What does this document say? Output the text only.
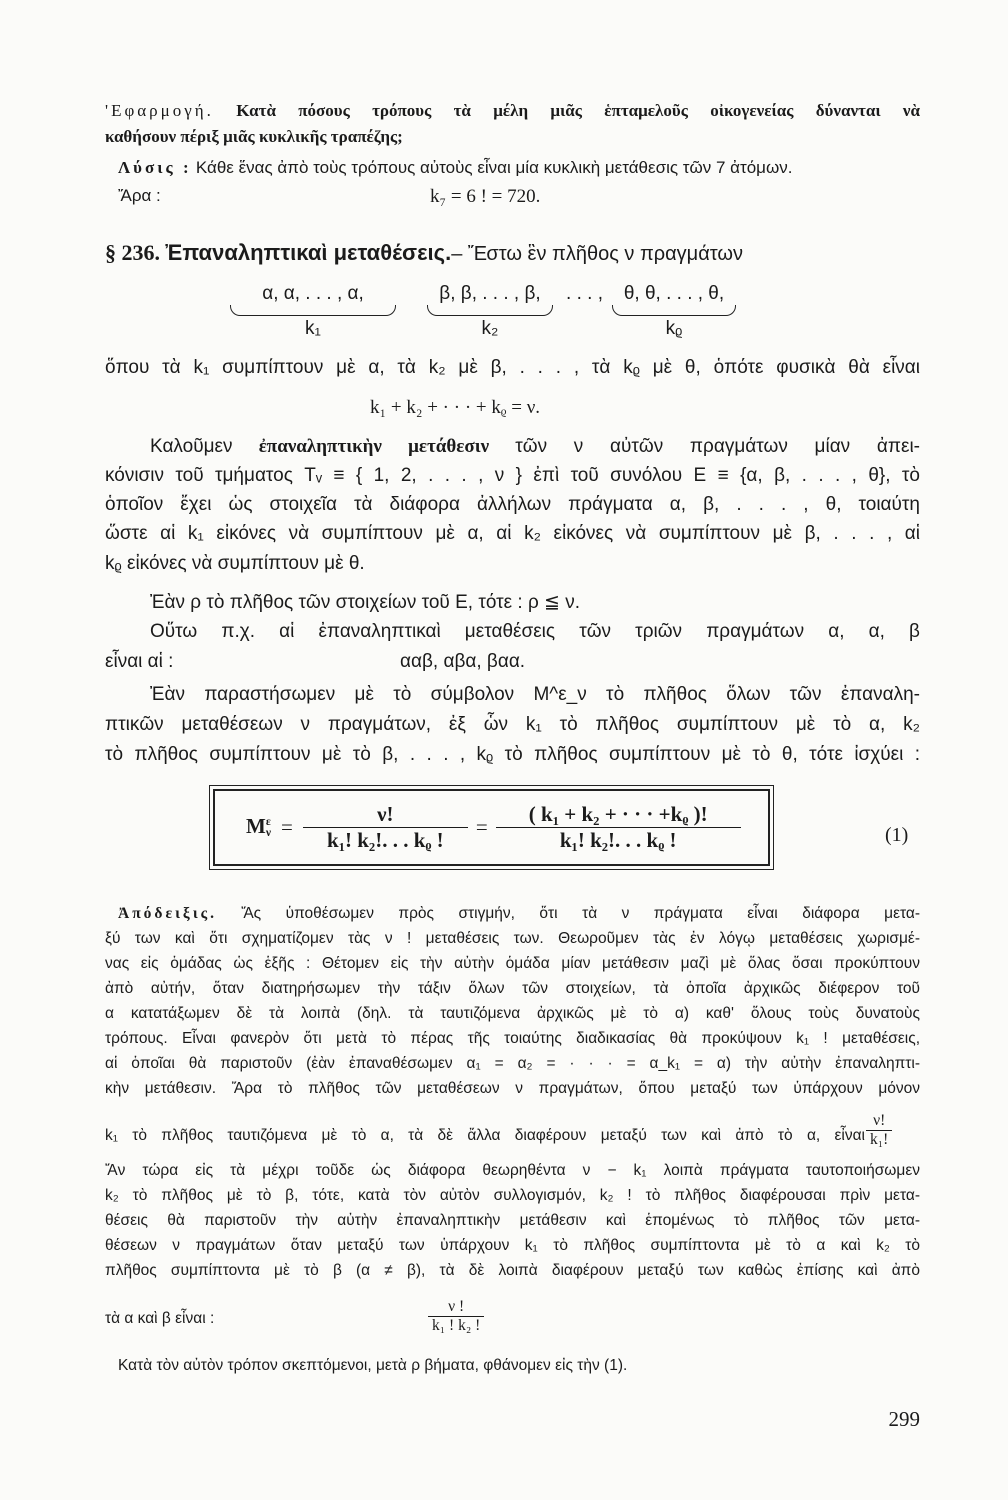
'Εφαρμογή. Κατὰ πόσους τρόπους τὰ μέλη μιᾶς ἑπταμελοῦς οἰκογενείας δύνανται νὰ
καθήσουν πέριξ μιᾶς κυκλικῆς τραπέζης;
Λύσις : Κάθε ἕνας ἀπὸ τοὺς τρόπους αὐτοὺς εἶναι μία κυκλικὴ μετάθεσις τῶν 7 ἀτόμων.
Ἄρα :	k₇ = 6 ! = 720.
§ 236. Ἐπαναληπτικαὶ μεταθέσεις.– Ἔστω ἓν πλῆθος ν πραγμάτων
α, α, . . . , α,
k₁
β, β, . . . , β,
k₂
. . . ,	θ, θ, . . . , θ,
kᵨ
ὅπου τὰ k₁ συμπίπτουν μὲ α, τὰ k₂ μὲ β, . . . , τὰ kᵨ μὲ θ, ὁπότε φυσικὰ θὰ εἶναι
k₁ + k₂ + · · · + kᵨ = ν.
Καλοῦμεν ἐπαναληπτικὴν μετάθεσιν τῶν ν αὐτῶν πραγμάτων μίαν ἀπει-
κόνισιν τοῦ τμήματος Tᵥ ≡ { 1, 2, . . . , ν } ἐπὶ τοῦ συνόλου E ≡ {α, β, . . . , θ}, τὸ
ὁποῖον ἔχει ὡς στοιχεῖα τὰ διάφορα ἀλλήλων πράγματα α, β, . . . , θ, τοιαύτη
ὥστε αἱ k₁ εἰκόνες νὰ συμπίπτουν μὲ α, αἱ k₂ εἰκόνες νὰ συμπίπτουν μὲ β, . . . , αἱ
kᵨ εἰκόνες νὰ συμπίπτουν μὲ θ.
Ἐὰν ρ τὸ πλῆθος τῶν στοιχείων τοῦ Ε, τότε : ρ ≦ ν.
Οὕτω π.χ. αἱ ἐπαναληπτικαὶ μεταθέσεις τῶν τριῶν πραγμάτων α, α, β
εἶναι αἱ :	ααβ, αβα, βαα.
Ἐὰν παραστήσωμεν μὲ τὸ σύμβολον M^ε_ν τὸ πλῆθος ὅλων τῶν ἐπαναλη-
πτικῶν μεταθέσεων ν πραγμάτων, ἐξ ὧν k₁ τὸ πλῆθος συμπίπτουν μὲ τὸ α, k₂
τὸ πλῆθος συμπίπτουν μὲ τὸ β, . . . , kᵨ τὸ πλῆθος συμπίπτουν μὲ τὸ θ, τότε ἰσχύει :
M ε
$\nu = \frac{\nu!}{\text{k₁! k₂!. . . kᵨ !}} = \frac{\text{( k₁ + k₂ + · · · +kᵨ )!}}{\text{k₁! k₂!. . . kᵨ !}}$	(1)
Ἀπόδειξις. Ἄς ὑποθέσωμεν πρὸς στιγμήν, ὅτι τὰ ν πράγματα εἶναι διάφορα μετα-
ξύ των καὶ ὅτι σχηματίζομεν τὰς ν ! μεταθέσεις των. Θεωροῦμεν τὰς ἐν λόγῳ μεταθέσεις χωρισμέ-
νας εἰς ὁμάδας ὡς ἑξῆς : Θέτομεν εἰς τὴν αὐτὴν ὁμάδα μίαν μετάθεσιν μαζὶ μὲ ὅλας ὅσαι προκύπτουν
ἀπὸ αὐτήν, ὅταν διατηρήσωμεν τὴν τάξιν ὅλων τῶν στοιχείων, τὰ ὁποῖα ἀρχικῶς διέφερον τοῦ
α κατατάξωμεν δὲ τὰ λοιπὰ (δηλ. τὰ ταυτιζόμενα ἀρχικῶς μὲ τὸ α) καθ' ὅλους τοὺς δυνατοὺς
τρόπους. Εἶναι φανερὸν ὅτι μετὰ τὸ πέρας τῆς τοιαύτης διαδικασίας θὰ προκύψουν k₁ ! μεταθέσεις,
αἱ ὁποῖαι θὰ παριστοῦν (ἐὰν ἐπαναθέσωμεν α₁ = α₂ = · · · = α_k₁ = α) τὴν αὐτὴν ἐπαναληπτι-
κὴν μετάθεσιν. Ἄρα τὸ πλῆθος τῶν μεταθέσεων ν πραγμάτων, ὅπου μεταξύ των ὑπάρχουν μόνον
k₁ τὸ πλῆθος ταυτιζόμενα μὲ τὸ α, τὰ δὲ ἄλλα διαφέρουν μεταξύ των καὶ ἀπὸ τὸ α, εἶναι $\frac{\nu!}{\text{k₁!}}$
Ἄν τώρα εἰς τὰ μέχρι τοῦδε ὡς διάφορα θεωρηθέντα ν − k₁ λοιπὰ πράγματα ταυτοποιήσωμεν
k₂ τὸ πλῆθος μὲ τὸ β, τότε, κατὰ τὸν αὐτὸν συλλογισμόν, k₂ ! τὸ πλῆθος διαφέρουσαι πρὶν μετα-
θέσεις θὰ παριστοῦν τὴν αὐτὴν ἐπαναληπτικὴν μετάθεσιν καὶ ἑπομένως τὸ πλῆθος τῶν μετα-
θέσεων ν πραγμάτων ὅταν μεταξύ των ὑπάρχουν k₁ τὸ πλῆθος συμπίπτοντα μὲ τὸ α καὶ k₂ τὸ
πλῆθος συμπίπτοντα μὲ τὸ β (α ≠ β), τὰ δὲ λοιπὰ διαφέρουν μεταξύ των καθὼς ἐπίσης καὶ ἀπὸ
τὰ α καὶ β εἶναι :	$\frac{\nu !}{\text{k₁ ! k₂ !}}$
Κατὰ τὸν αὐτὸν τρόπον σκεπτόμενοι, μετὰ ρ βήματα, φθάνομεν εἰς τὴν (1).
299
